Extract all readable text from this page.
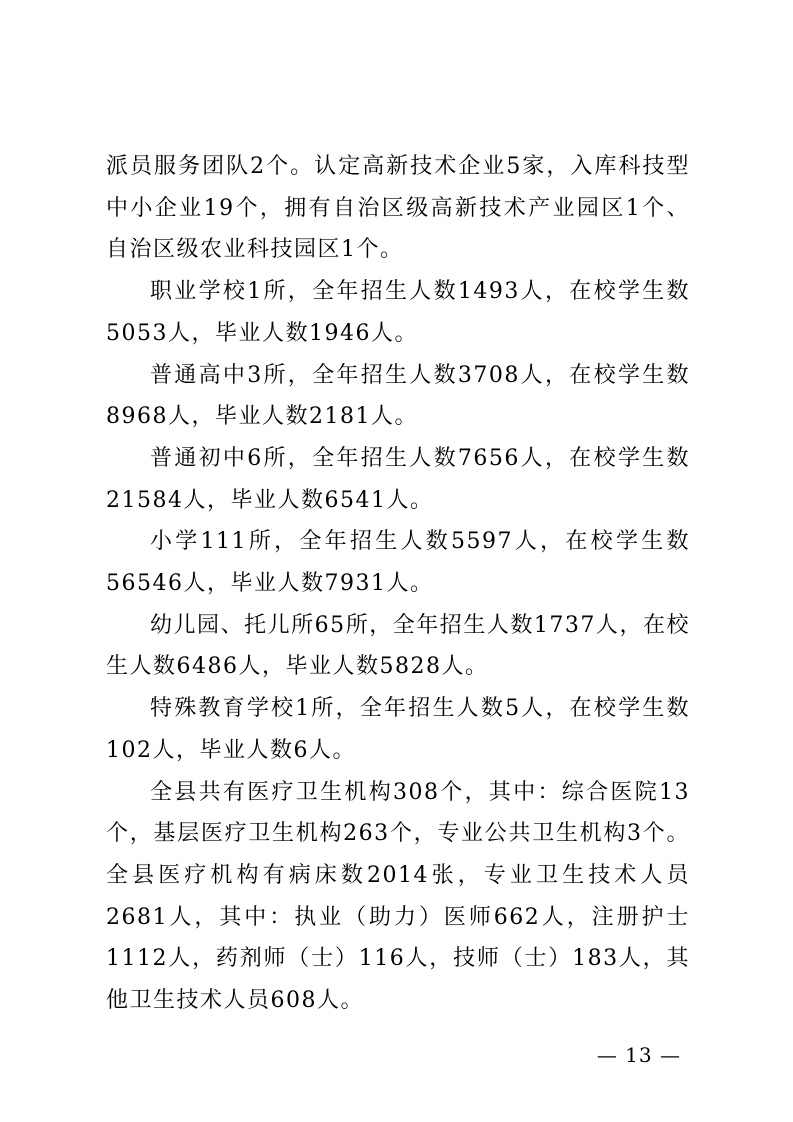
派员服务团队2个。认定高新技术企业5家，入库科技型中小企业19个，拥有自治区级高新技术产业园区1个、自治区级农业科技园区1个。

职业学校1所，全年招生人数1493人，在校学生数5053人，毕业人数1946人。

普通高中3所，全年招生人数3708人，在校学生数8968人，毕业人数2181人。

普通初中6所，全年招生人数7656人，在校学生数21584人，毕业人数6541人。

小学111所，全年招生人数5597人，在校学生数56546人，毕业人数7931人。

幼儿园、托儿所65所，全年招生人数1737人，在校生人数6486人，毕业人数5828人。

特殊教育学校1所，全年招生人数5人，在校学生数102人，毕业人数6人。

全县共有医疗卫生机构308个，其中：综合医院13个，基层医疗卫生机构263个，专业公共卫生机构3个。全县医疗机构有病床数2014张，专业卫生技术人员2681人，其中：执业（助力）医师662人，注册护士1112人，药剂师（士）116人，技师（士）183人，其他卫生技术人员608人。

— 13 —
